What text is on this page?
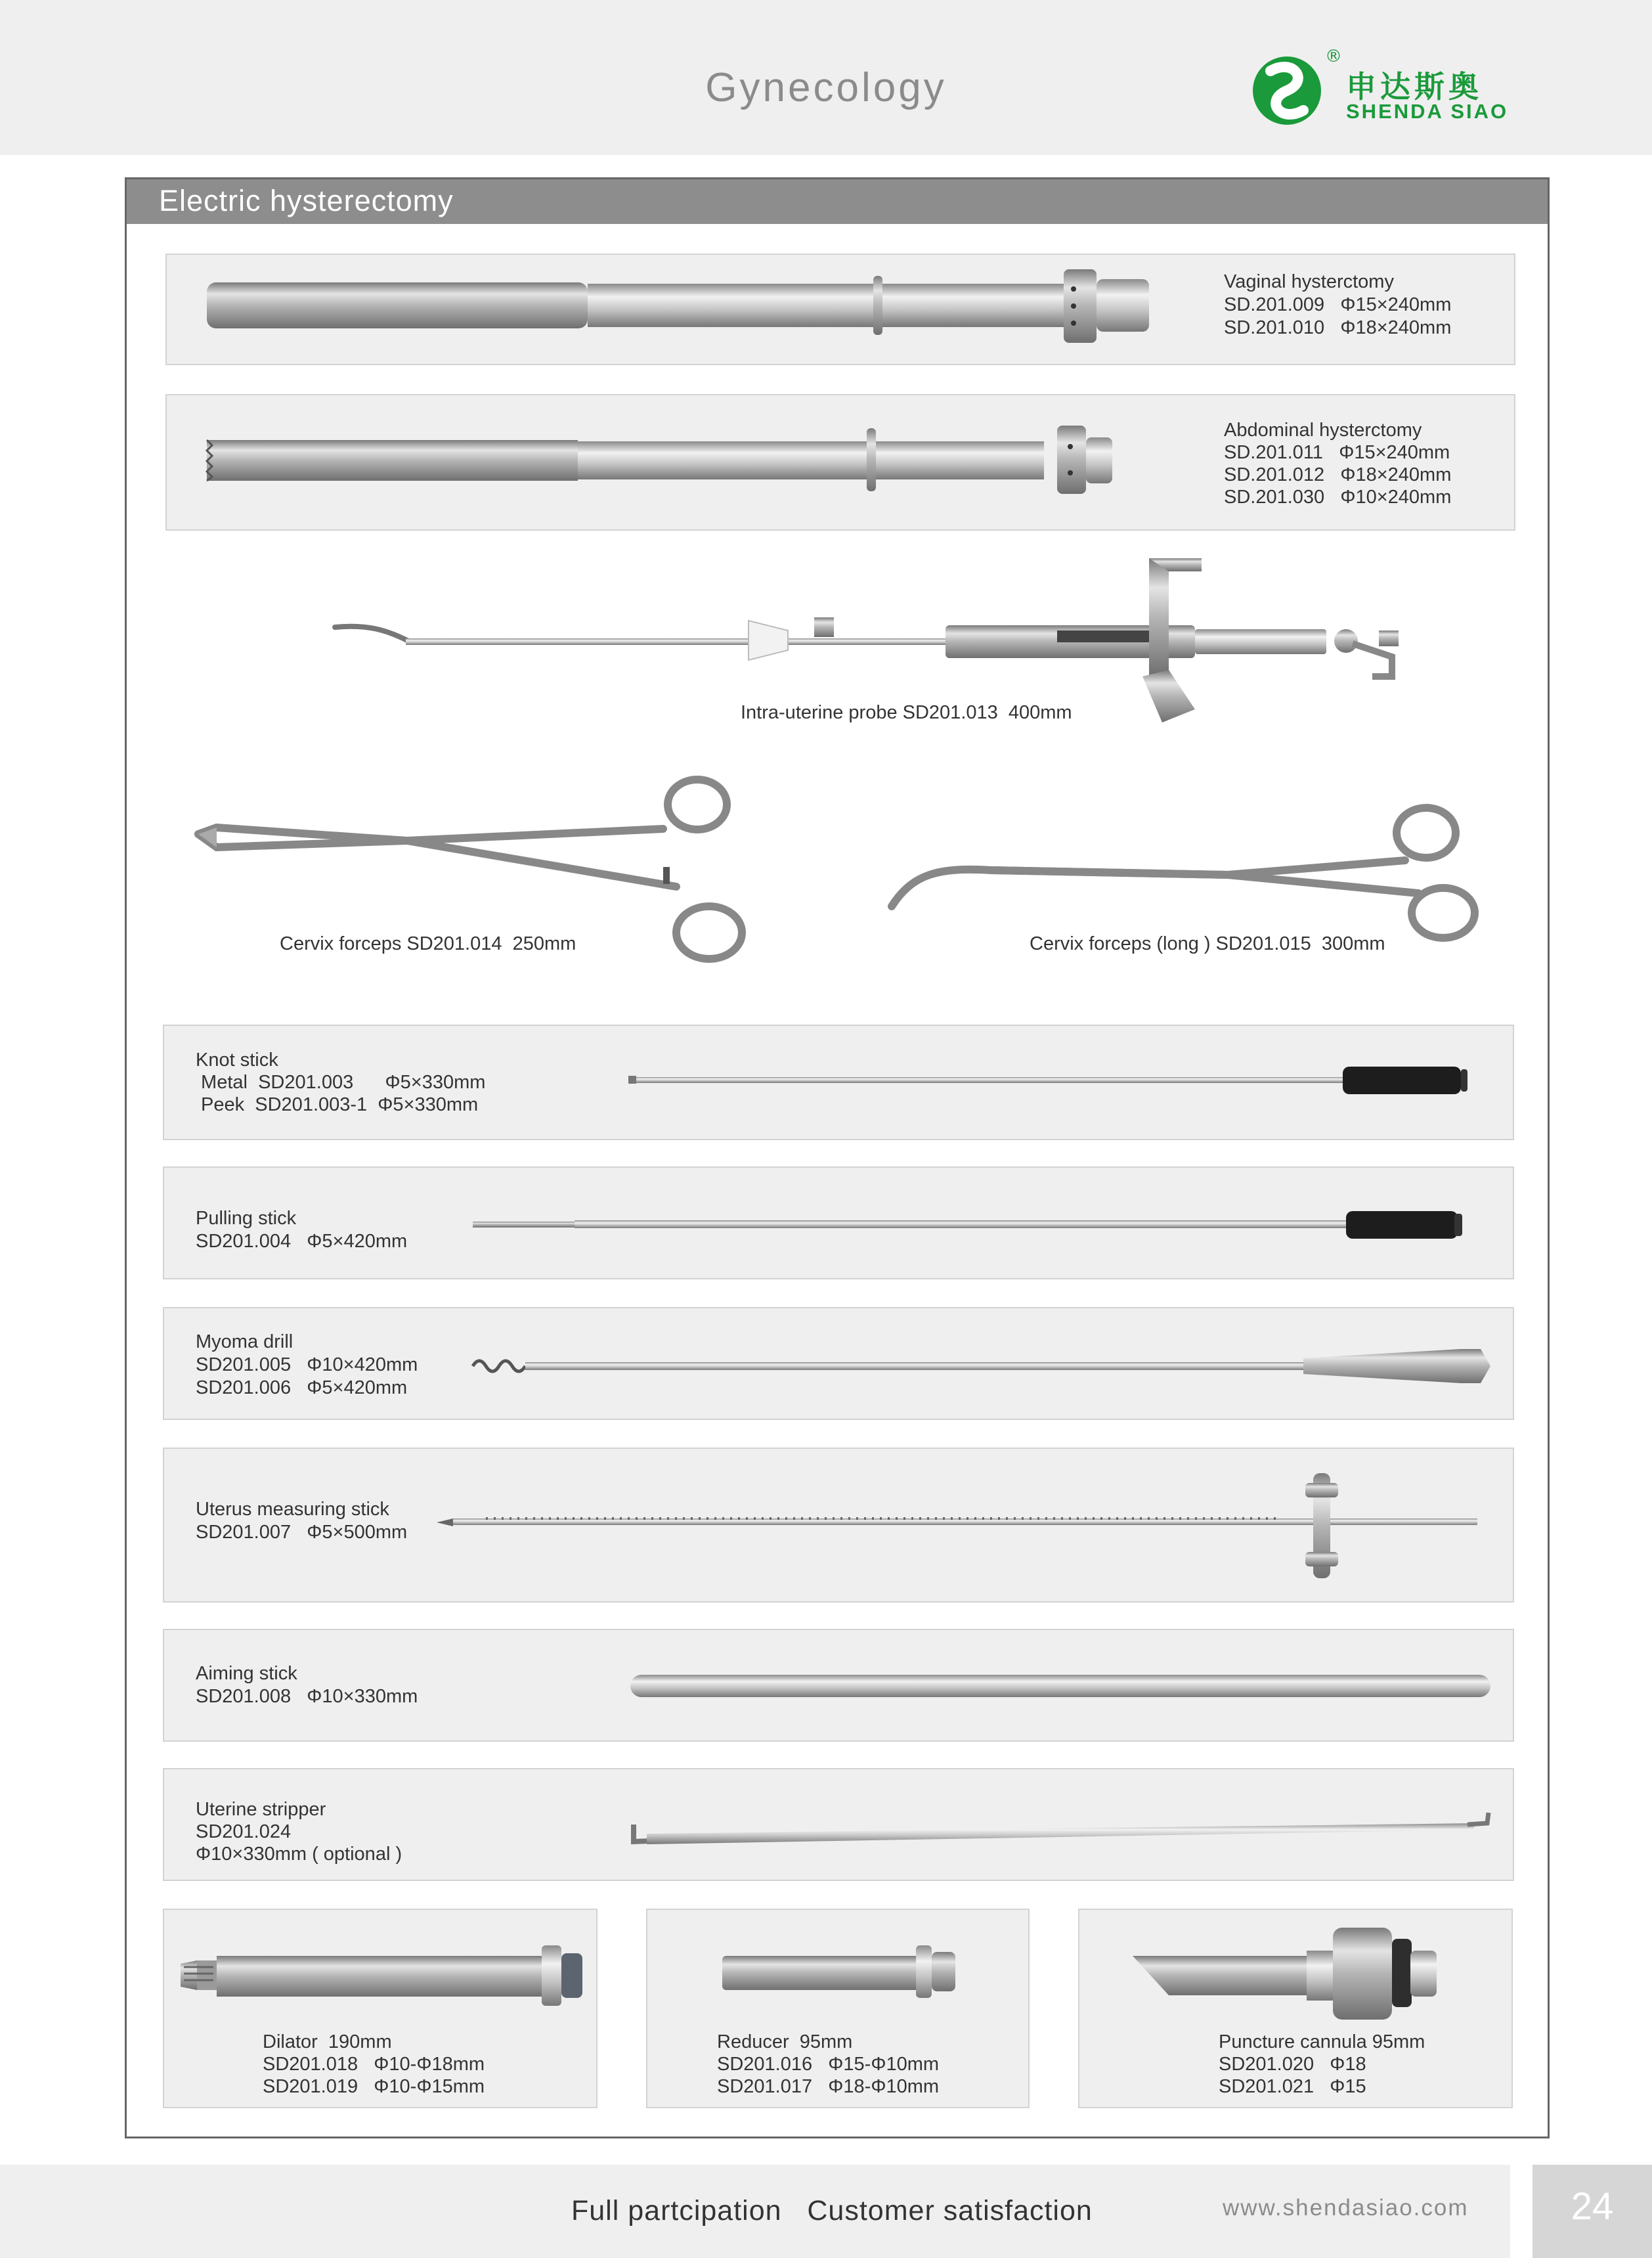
Gynecology
®
申达斯奥
SHENDA SIAO
Electric hysterectomy
Vaginal hysterctomy
SD.201.009   Φ15×240mm
SD.201.010   Φ18×240mm
Abdominal hysterctomy
SD.201.011   Φ15×240mm
SD.201.012   Φ18×240mm
SD.201.030   Φ10×240mm
Intra-uterine probe SD201.013  400mm
Cervix forceps SD201.014  250mm	Cervix forceps (long ) SD201.015  300mm
Knot stick
Metal  SD201.003      Φ5×330mm
Peek  SD201.003-1  Φ5×330mm
Pulling stick
SD201.004   Φ5×420mm
Myoma drill
SD201.005   Φ10×420mm
SD201.006   Φ5×420mm
Uterus measuring stick
SD201.007   Φ5×500mm
Aiming stick
SD201.008   Φ10×330mm
Uterine stripper
SD201.024
Φ10×330mm ( optional )
Dilator  190mm
SD201.018   Φ10-Φ18mm
SD201.019   Φ10-Φ15mm
Reducer  95mm
SD201.016   Φ15-Φ10mm
SD201.017   Φ18-Φ10mm
Puncture cannula 95mm
SD201.020   Φ18
SD201.021   Φ15
24
Full partcipation   Customer satisfaction	www.shendasiao.com
